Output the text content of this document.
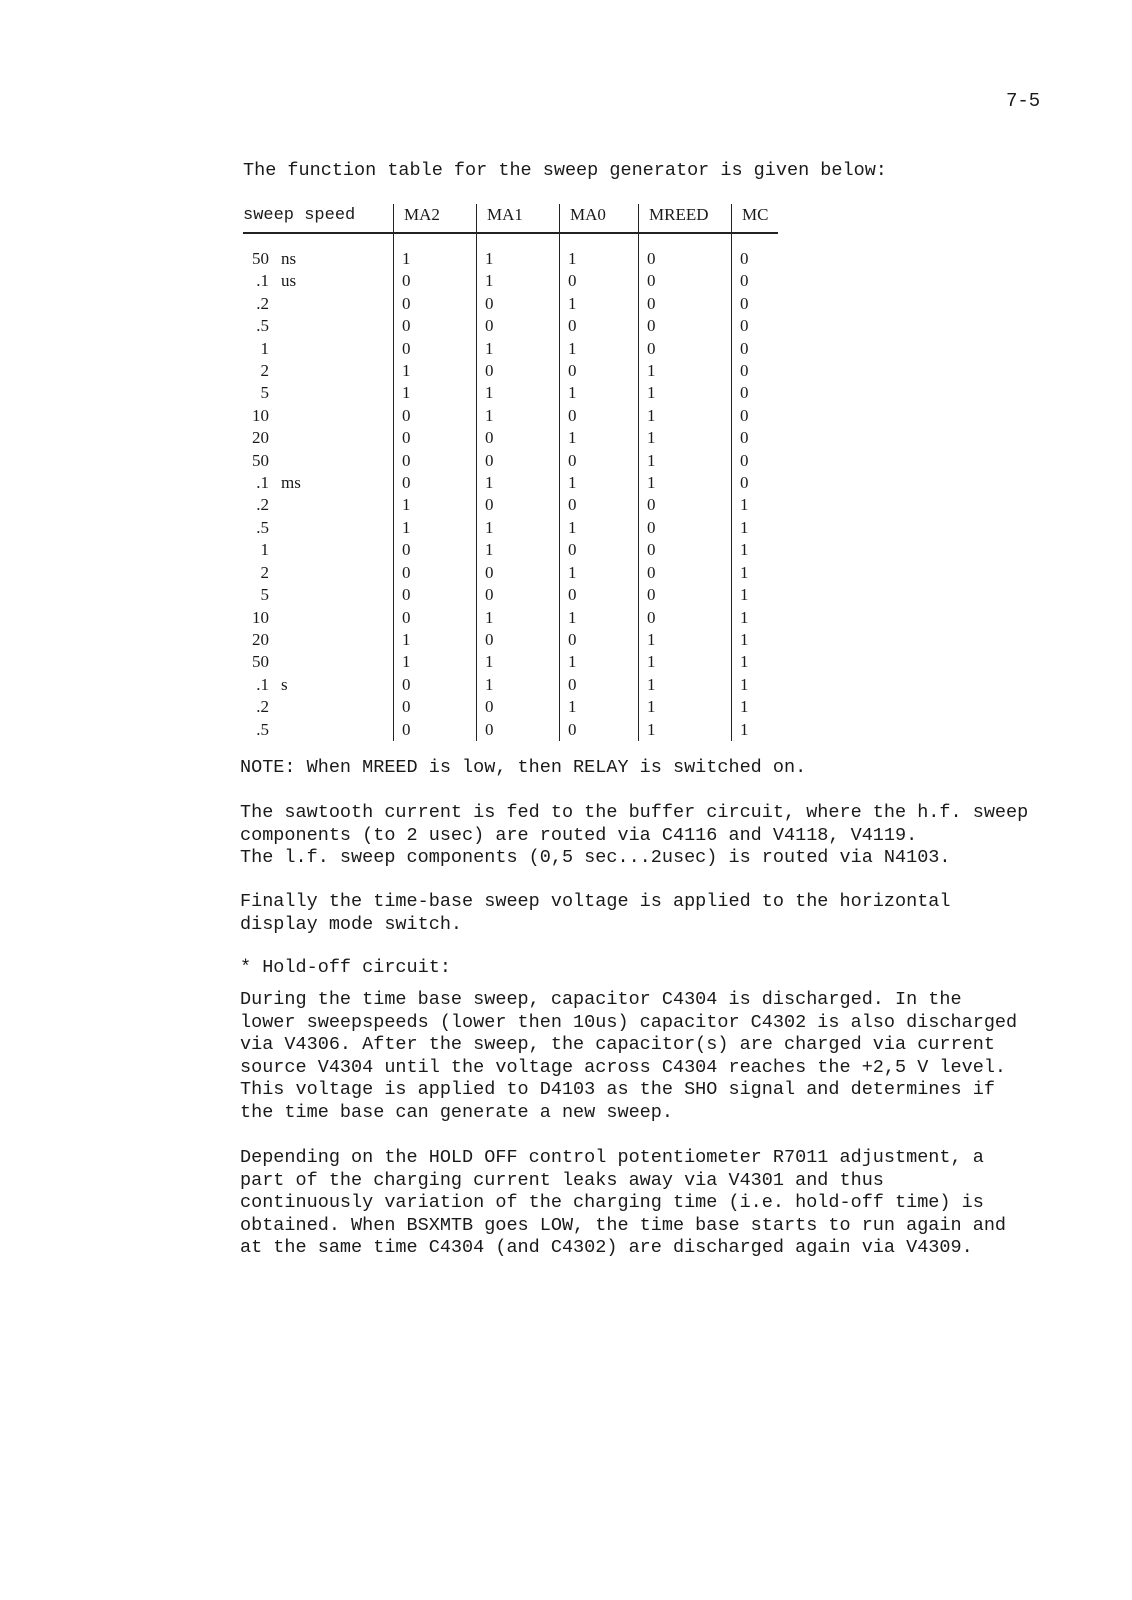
7-5
The function table for the sweep generator is given below:
sweep speed	MA2	MA1	MA0	MREED	MC
50 ns	1	1	1	0	0
.1 us	0	1	0	0	0
.2	0	0	1	0	0
.5	0	0	0	0	0
1	0	1	1	0	0
2	1	0	0	1	0
5	1	1	1	1	0
10	0	1	0	1	0
20	0	0	1	1	0
50	0	0	0	1	0
.1 ms	0	1	1	1	0
.2	1	0	0	0	1
.5	1	1	1	0	1
1	0	1	0	0	1
2	0	0	1	0	1
5	0	0	0	0	1
10	0	1	1	0	1
20	1	0	0	1	1
50	1	1	1	1	1
.1 s	0	1	0	1	1
.2	0	0	1	1	1
.5	0	0	0	1	1
NOTE: When MREED is low, then RELAY is switched on.
The sawtooth current is fed to the buffer circuit, where the h.f. sweep
components (to 2 usec) are routed via C4116 and V4118, V4119.
The l.f. sweep components (0,5 sec...2usec) is routed via N4103.
Finally the time-base sweep voltage is applied to the horizontal
display mode switch.
* Hold-off circuit:
During the time base sweep, capacitor C4304 is discharged. In the
lower sweepspeeds (lower then 10us) capacitor C4302 is also discharged
via V4306. After the sweep, the capacitor(s) are charged via current
source V4304 until the voltage across C4304 reaches the +2,5 V level.
This voltage is applied to D4103 as the SHO signal and determines if
the time base can generate a new sweep.
Depending on the HOLD OFF control potentiometer R7011 adjustment, a
part of the charging current leaks away via V4301 and thus
continuously variation of the charging time (i.e. hold-off time) is
obtained. When BSXMTB goes LOW, the time base starts to run again and
at the same time C4304 (and C4302) are discharged again via V4309.
